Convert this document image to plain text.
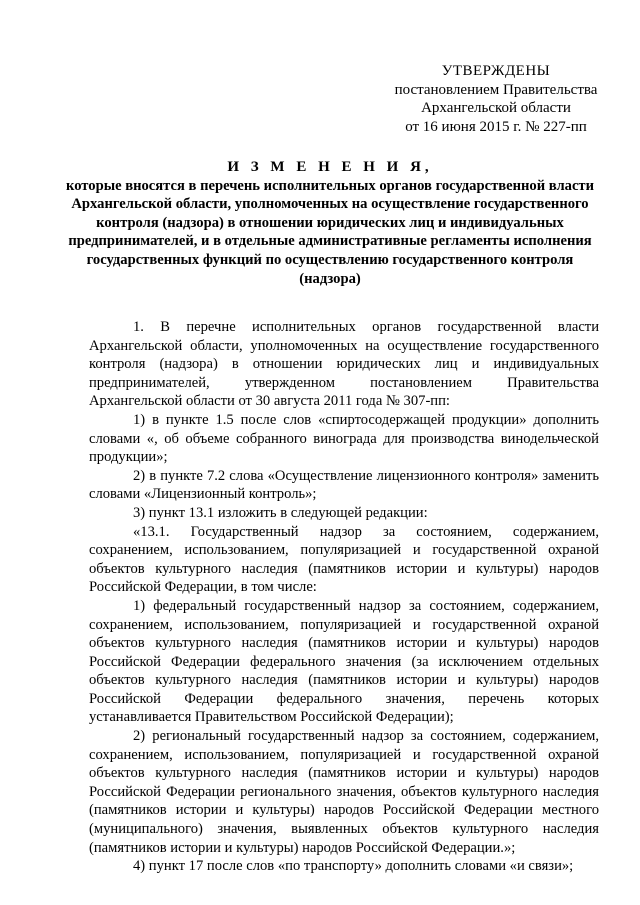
УТВЕРЖДЕНЫ
постановлением Правительства
Архангельской области
от 16 июня 2015 г. № 227-пп
И З М Е Н Е Н И Я,
которые вносятся в перечень исполнительных органов государственной власти Архангельской области, уполномоченных на осуществление государственного контроля (надзора) в отношении юридических лиц и индивидуальных предпринимателей, и в отдельные административные регламенты исполнения государственных функций по осуществлению государственного контроля (надзора)

1. В перечне исполнительных органов государственной власти Архангельской области, уполномоченных на осуществление государственного контроля (надзора) в отношении юридических лиц и индивидуальных предпринимателей, утвержденном постановлением Правительства Архангельской области от 30 августа 2011 года № 307-пп:

1) в пункте 1.5 после слов «спиртосодержащей продукции» дополнить словами «, об объеме собранного винограда для производства винодельческой продукции»;

2) в пункте 7.2 слова «Осуществление лицензионного контроля» заменить словами «Лицензионный контроль»;

3) пункт 13.1 изложить в следующей редакции:

«13.1. Государственный надзор за состоянием, содержанием, сохранением, использованием, популяризацией и государственной охраной объектов культурного наследия (памятников истории и культуры) народов Российской Федерации, в том числе:

1) федеральный государственный надзор за состоянием, содержанием, сохранением, использованием, популяризацией и государственной охраной объектов культурного наследия (памятников истории и культуры) народов Российской Федерации федерального значения (за исключением отдельных объектов культурного наследия (памятников истории и культуры) народов Российской Федерации федерального значения, перечень которых устанавливается Правительством Российской Федерации);

2) региональный государственный надзор за состоянием, содержанием, сохранением, использованием, популяризацией и государственной охраной объектов культурного наследия (памятников истории и культуры) народов Российской Федерации регионального значения, объектов культурного наследия (памятников истории и культуры) народов Российской Федерации местного (муниципального) значения, выявленных объектов культурного наследия (памятников истории и культуры) народов Российской Федерации.»;

4) пункт 17 после слов «по транспорту» дополнить словами «и связи»;
